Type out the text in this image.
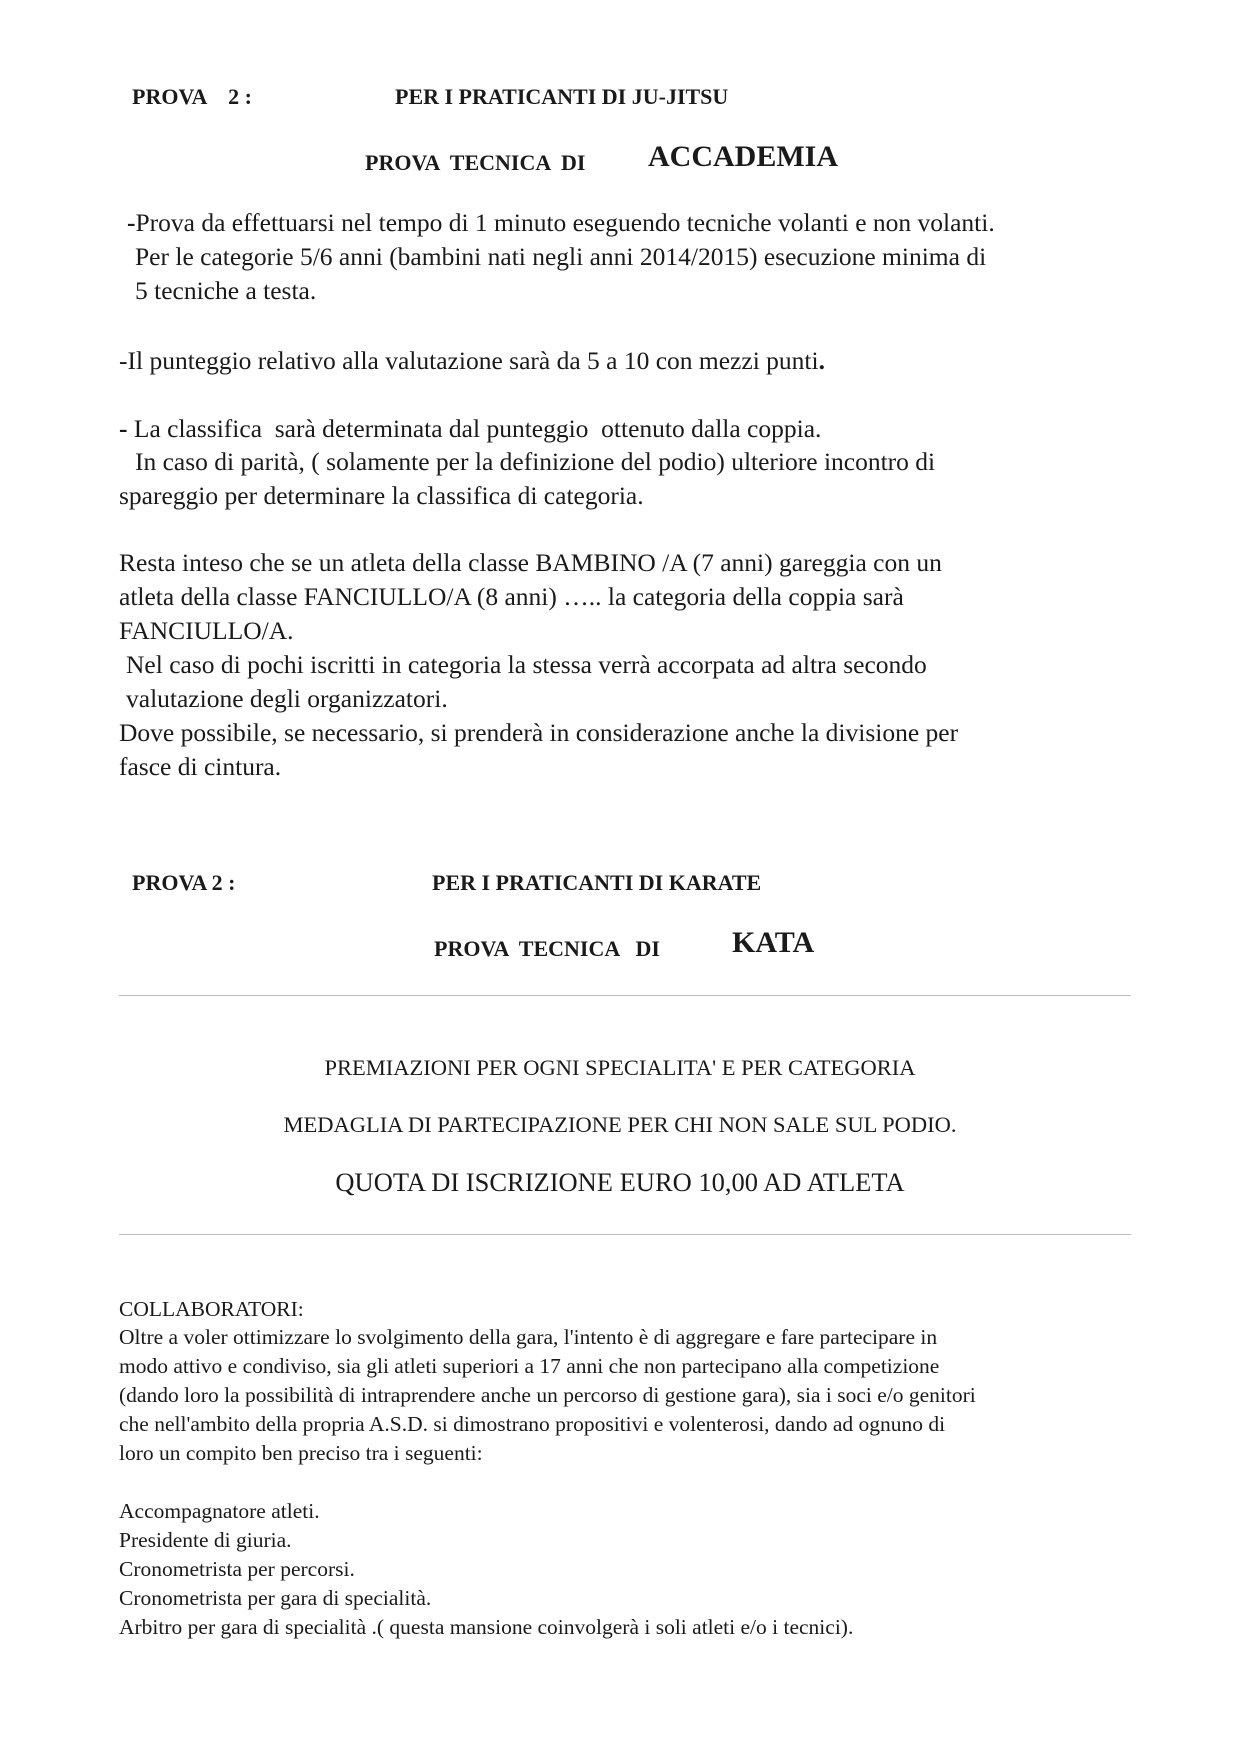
PROVA    2 :	PER I PRATICANTI DI JU-JITSU
PROVA  TECNICA  DI ACCADEMIA
-Prova da effettuarsi nel tempo di 1 minuto eseguendo tecniche volanti e non volanti.
Per le categorie 5/6 anni (bambini nati negli anni 2014/2015) esecuzione minima di
5 tecniche a testa.
-Il punteggio relativo alla valutazione sarà da 5 a 10 con mezzi punti.
- La classifica  sarà determinata dal punteggio  ottenuto dalla coppia.
In caso di parità, ( solamente per la definizione del podio) ulteriore incontro di
spareggio per determinare la classifica di categoria.
Resta inteso che se un atleta della classe BAMBINO /A (7 anni) gareggia con un
atleta della classe FANCIULLO/A (8 anni) ….. la categoria della coppia sarà
FANCIULLO/A.
Nel caso di pochi iscritti in categoria la stessa verrà accorpata ad altra secondo
valutazione degli organizzatori.
Dove possibile, se necessario, si prenderà in considerazione anche la divisione per
fasce di cintura.
PROVA 2 :	PER I PRATICANTI DI KARATE
PROVA  TECNICA   DI KATA
PREMIAZIONI PER OGNI SPECIALITA' E PER CATEGORIA
MEDAGLIA DI PARTECIPAZIONE PER CHI NON SALE SUL PODIO.
QUOTA DI ISCRIZIONE EURO 10,00 AD ATLETA
COLLABORATORI:
Oltre a voler ottimizzare lo svolgimento della gara, l'intento è di aggregare e fare partecipare in
modo attivo e condiviso, sia gli atleti superiori a 17 anni che non partecipano alla competizione
(dando loro la possibilità di intraprendere anche un percorso di gestione gara), sia i soci e/o genitori
che nell'ambito della propria A.S.D. si dimostrano propositivi e volenterosi, dando ad ognuno di
loro un compito ben preciso tra i seguenti:
Accompagnatore atleti.
Presidente di giuria.
Cronometrista per percorsi.
Cronometrista per gara di specialità.
Arbitro per gara di specialità .( questa mansione coinvolgerà i soli atleti e/o i tecnici).
